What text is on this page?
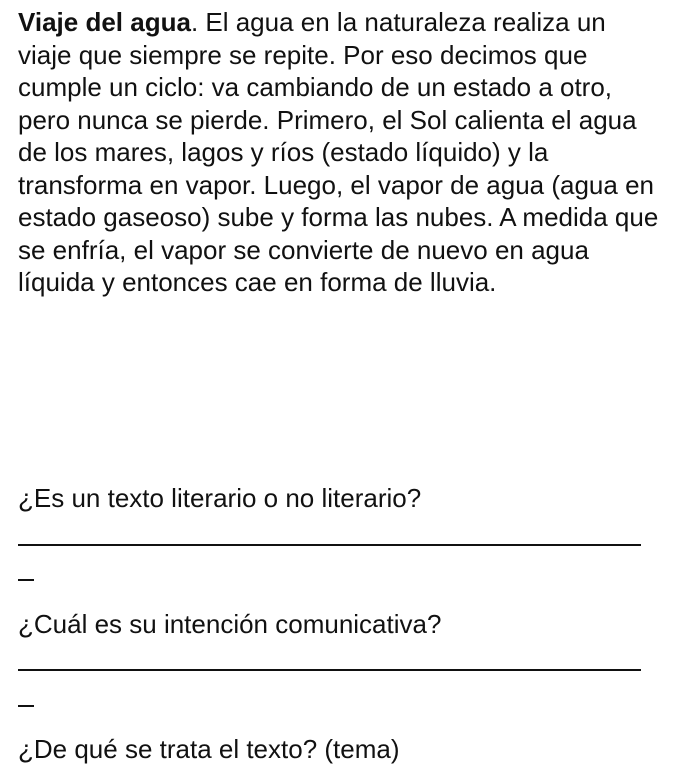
Viaje del agua. El agua en la naturaleza realiza un viaje que siempre se repite. Por eso decimos que cumple un ciclo: va cambiando de un estado a otro, pero nunca se pierde. Primero, el Sol calienta el agua de los mares, lagos y ríos (estado líquido) y la transforma en vapor. Luego, el vapor de agua (agua en estado gaseoso) sube y forma las nubes. A medida que se enfría, el vapor se convierte de nuevo en agua líquida y entonces cae en forma de lluvia.

¿Es un texto literario o no literario?

¿Cuál es su intención comunicativa?

¿De qué se trata el texto? (tema)
